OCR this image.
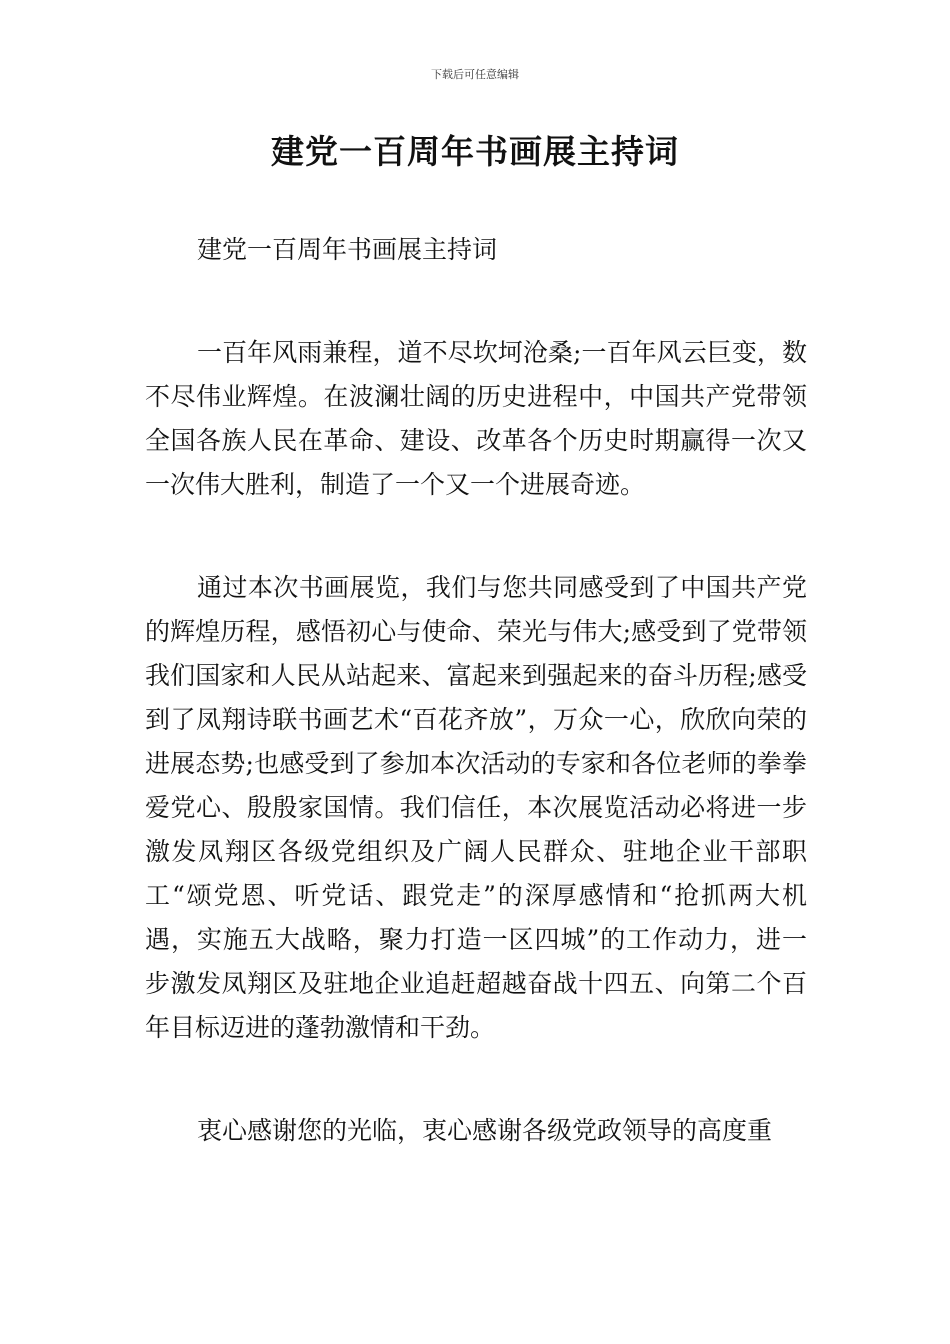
下载后可任意编辑
建党一百周年书画展主持词

建党一百周年书画展主持词

一百年风雨兼程，道不尽坎坷沧桑;一百年风云巨变，数不尽伟业辉煌。在波澜壮阔的历史进程中，中国共产党带领全国各族人民在革命、建设、改革各个历史时期赢得一次又一次伟大胜利，制造了一个又一个进展奇迹。

通过本次书画展览，我们与您共同感受到了中国共产党的辉煌历程，感悟初心与使命、荣光与伟大;感受到了党带领我们国家和人民从站起来、富起来到强起来的奋斗历程;感受到了凤翔诗联书画艺术“百花齐放”，万众一心，欣欣向荣的进展态势;也感受到了参加本次活动的专家和各位老师的拳拳爱党心、殷殷家国情。我们信任，本次展览活动必将进一步激发凤翔区各级党组织及广阔人民群众、驻地企业干部职工“颂党恩、听党话、跟党走”的深厚感情和“抢抓两大机遇，实施五大战略，聚力打造一区四城”的工作动力，进一步激发凤翔区及驻地企业追赶超越奋战十四五、向第二个百年目标迈进的蓬勃激情和干劲。

衷心感谢您的光临，衷心感谢各级党政领导的高度重
